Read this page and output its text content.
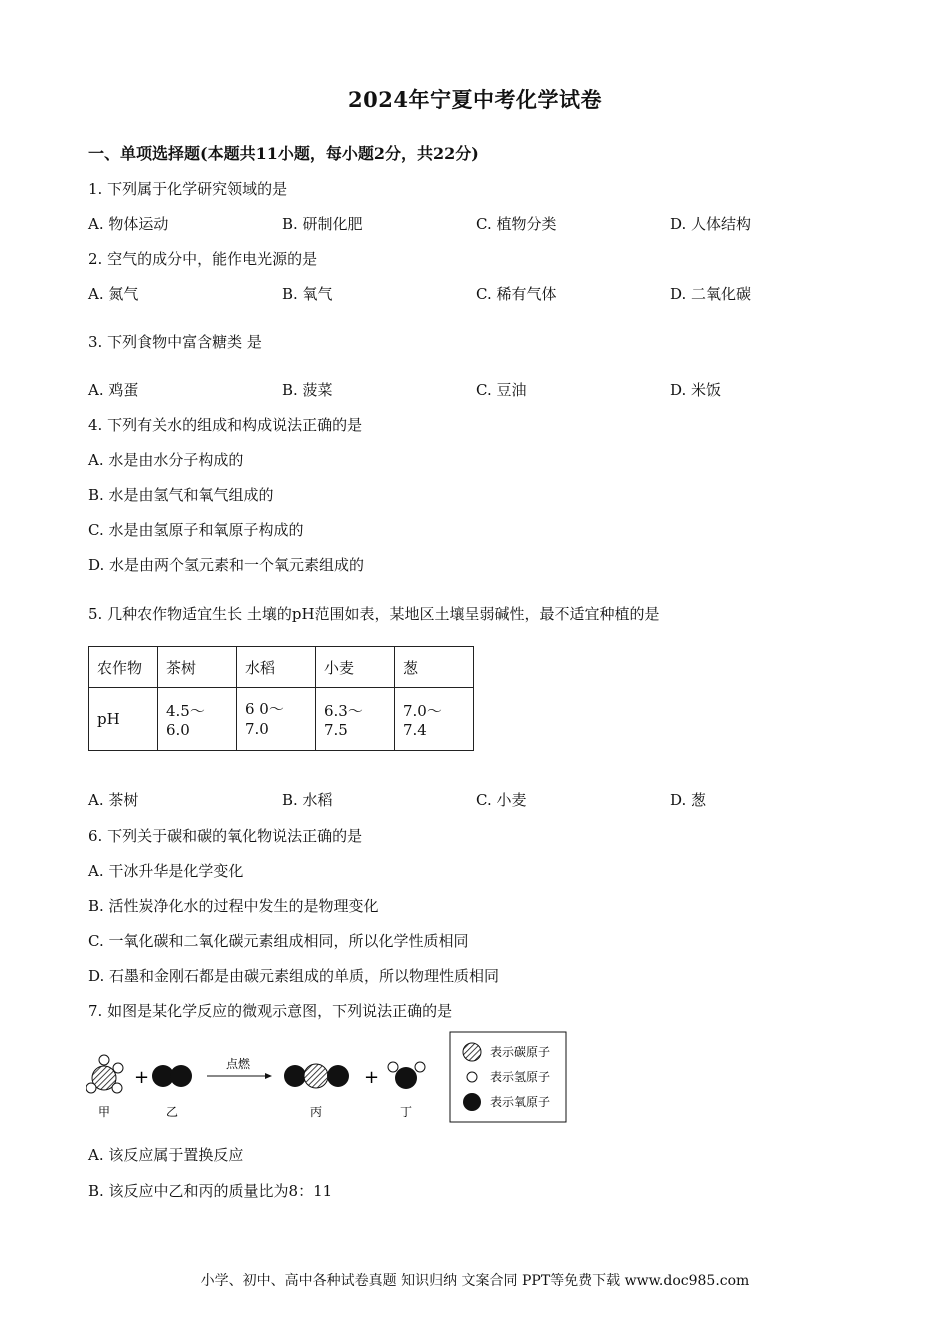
2024年宁夏中考化学试卷
一、单项选择题(本题共11小题，每小题2分，共22分)
1. 下列属于化学研究领域的是
A. 物体运动	B. 研制化肥	C. 植物分类	D. 人体结构
2. 空气的成分中，能作电光源的是
A. 氮气	B. 氧气	C. 稀有气体	D. 二氧化碳
3. 下列食物中富含糖类 是
A. 鸡蛋	B. 菠菜	C. 豆油	D. 米饭
4. 下列有关水的组成和构成说法正确的是
A. 水是由水分子构成的
B. 水是由氢气和氧气组成的
C. 水是由氢原子和氧原子构成的
D. 水是由两个氢元素和一个氧元素组成的
5. 几种农作物适宜生长 土壤的pH范围如表，某地区土壤呈弱碱性，最不适宜种植的是
农作物	茶树	水稻	小麦	葱
pH	4.5～6.0	6 0～7.0	6.3～7.5	7.0～7.4
A. 茶树	B. 水稻	C. 小麦	D. 葱
6. 下列关于碳和碳的氧化物说法正确的是
A. 干冰升华是化学变化
B. 活性炭净化水的过程中发生的是物理变化
C. 一氧化碳和二氧化碳元素组成相同，所以化学性质相同
D. 石墨和金刚石都是由碳元素组成的单质，所以物理性质相同
7. 如图是某化学反应的微观示意图，下列说法正确的是
+
点燃
+
甲	乙	丙	丁
表示碳原子
表示氢原子
表示氧原子
A. 该反应属于置换反应
B. 该反应中乙和丙的质量比为8：11
小学、初中、高中各种试卷真题 知识归纳 文案合同 PPT等免费下载 www.doc985.com
